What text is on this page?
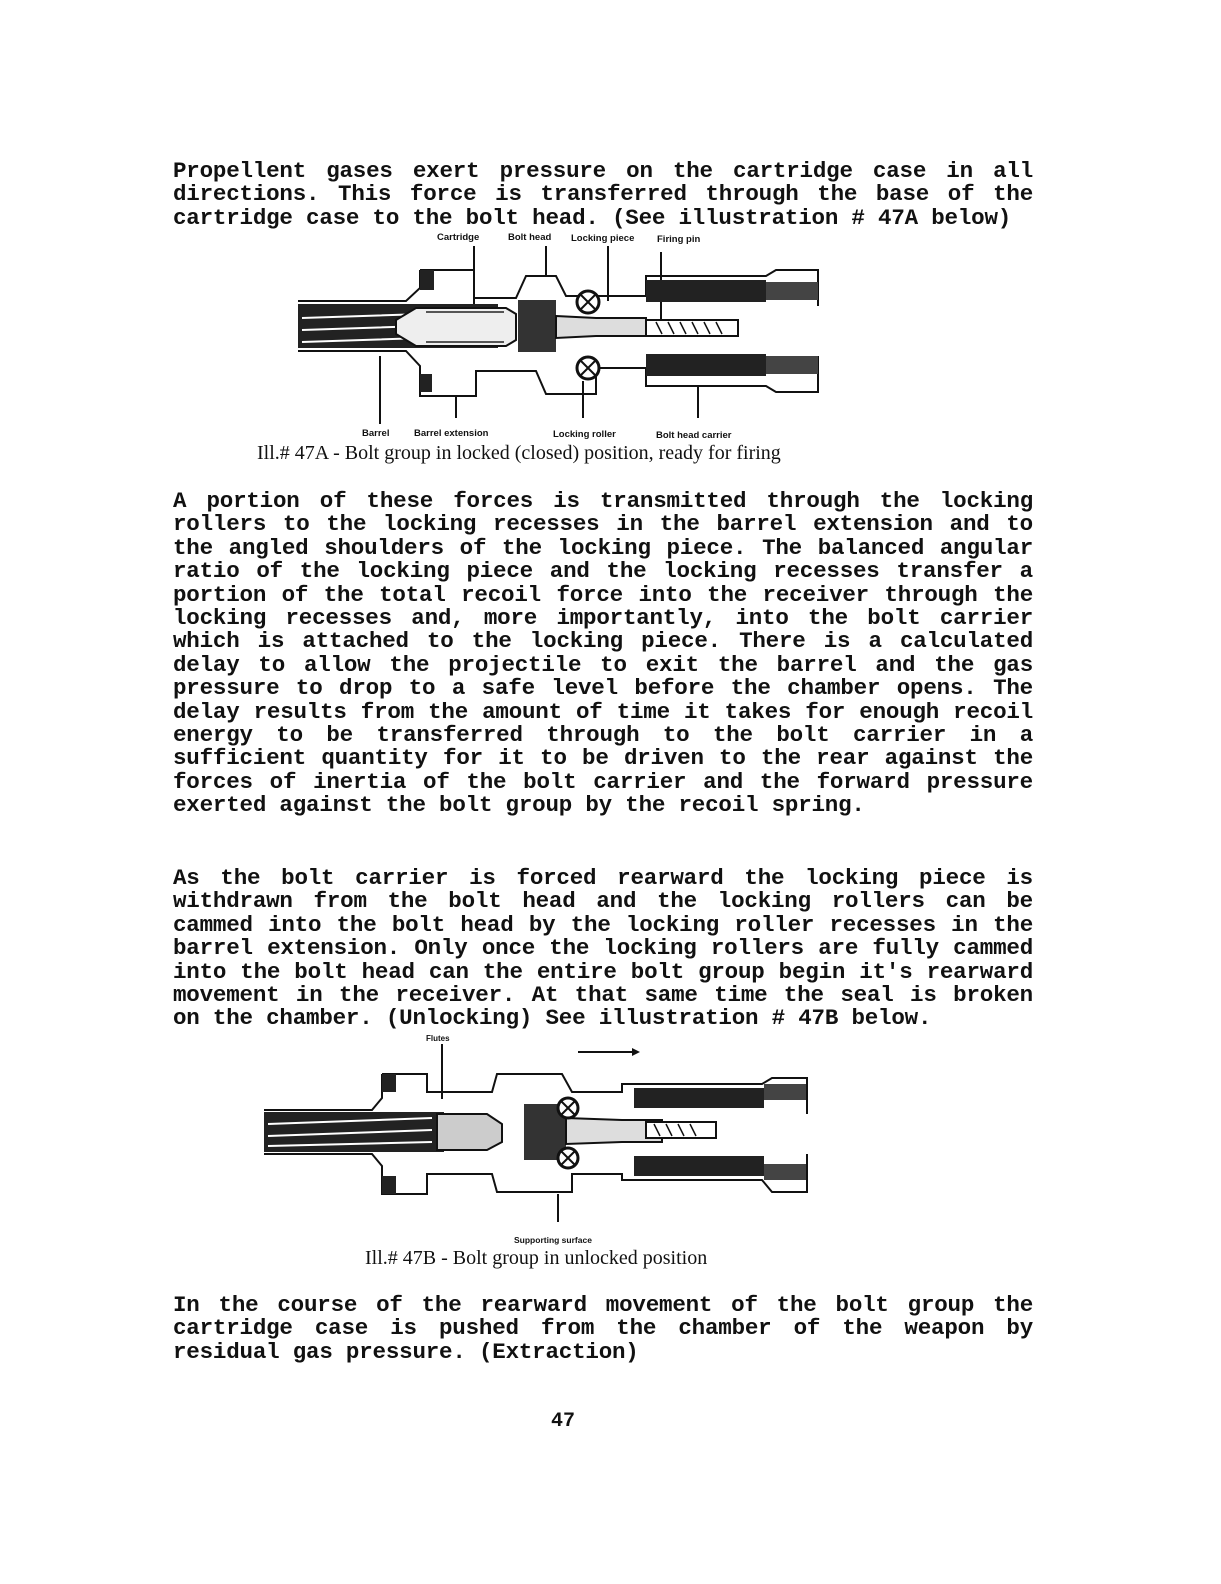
Propellent gases exert pressure on the cartridge case in all directions. This force is transferred through the base of the cartridge case to the bolt head. (See illustration # 47A below)

Cartridge	Bolt head Locking piece Firing pin
Barrel	Barrel extension	Locking roller	Bolt head carrier
Ill.# 47A - Bolt group in locked (closed) position, ready for firing

A portion of these forces is transmitted through the locking rollers to the locking recesses in the barrel extension and to the angled shoulders of the locking piece. The balanced angular ratio of the locking piece and the locking recesses transfer a portion of the total recoil force into the receiver through the locking recesses and, more importantly, into the bolt carrier which is attached to the locking piece. There is a calculated delay to allow the projectile to exit the barrel and the gas pressure to drop to a safe level before the chamber opens. The delay results from the amount of time it takes for enough recoil energy to be transferred through to the bolt carrier in a sufficient quantity for it to be driven to the rear against the forces of inertia of the bolt carrier and the forward pressure exerted against the bolt group by the recoil spring.

As the bolt carrier is forced rearward the locking piece is withdrawn from the bolt head and the locking rollers can be cammed into the bolt head by the locking roller recesses in the barrel extension. Only once the locking rollers are fully cammed into the bolt head can the entire bolt group begin it's rearward movement in the receiver. At that same time the seal is broken on the chamber. (Unlocking) See illustration # 47B below.

Flutes
Supporting surface
Ill.# 47B - Bolt group in unlocked position

In the course of the rearward movement of the bolt group the cartridge case is pushed from the chamber of the weapon by residual gas pressure. (Extraction)

47
